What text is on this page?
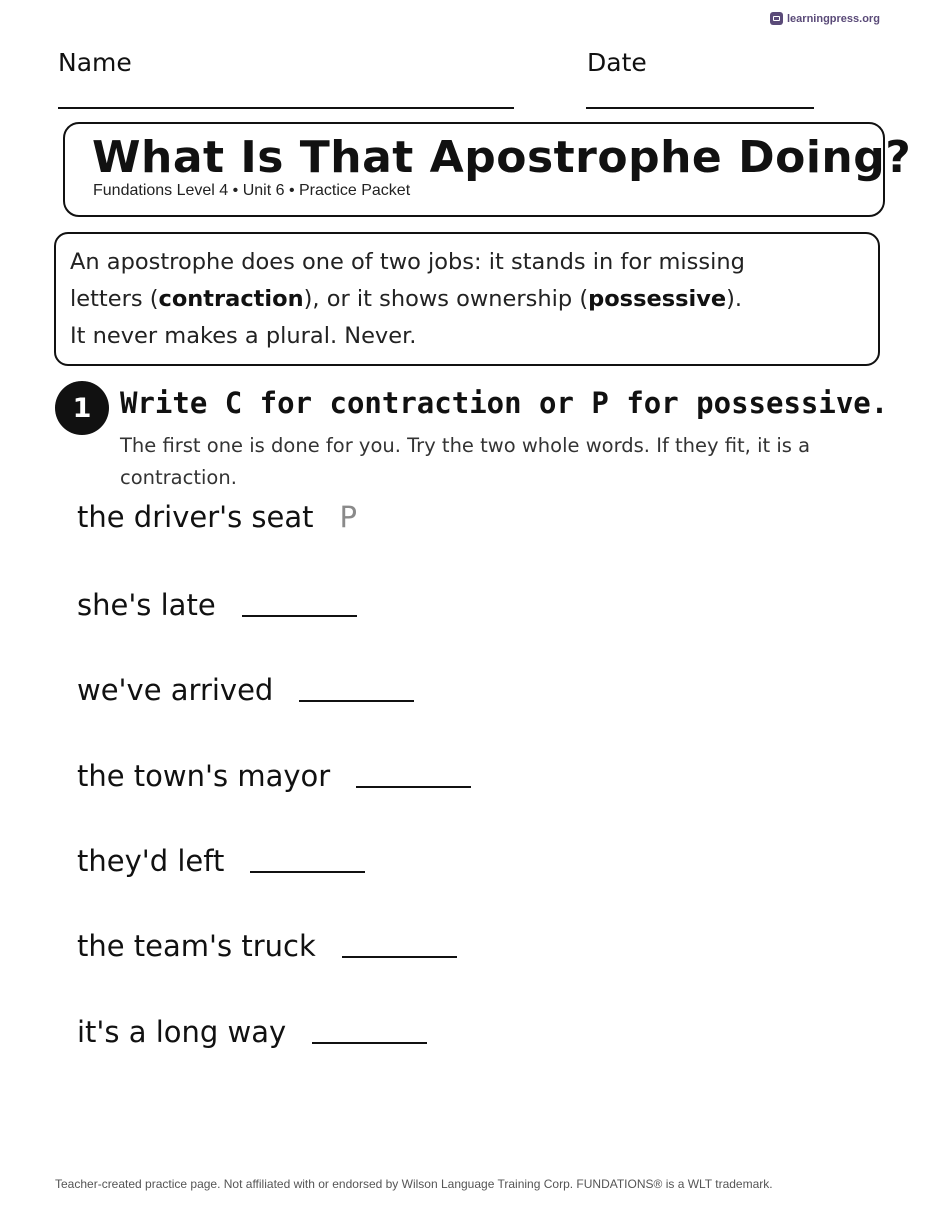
learningpress.org
Name	Date
What Is That Apostrophe Doing?
Fundations Level 4 • Unit 6 • Practice Packet
An apostrophe does one of two jobs: it stands in for missing
letters (contraction), or it shows ownership (possessive).
It never makes a plural. Never.
1 Write C for contraction or P for possessive.
The first one is done for you. Try the two whole words. If they fit, it is a contraction.
the driver's seat P
she's late
we've arrived
the town's mayor
they'd left
the team's truck
it's a long way
Teacher-created practice page. Not affiliated with or endorsed by Wilson Language Training Corp. FUNDATIONS® is a WLT trademark.
